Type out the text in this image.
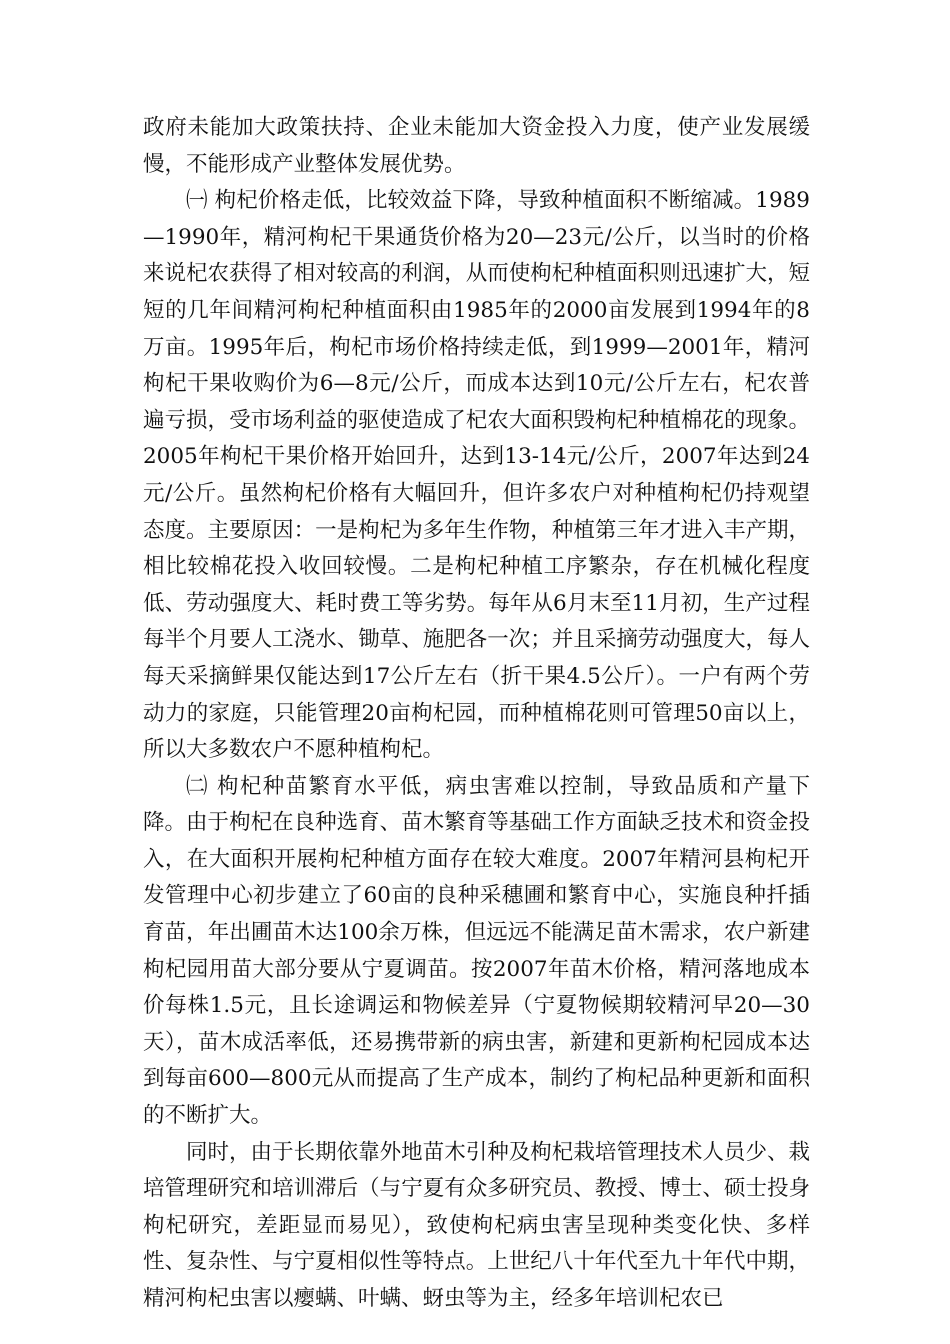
政府未能加大政策扶持、企业未能加大资金投入力度，使产业发展缓慢，不能形成产业整体发展优势。

㈠ 枸杞价格走低，比较效益下降，导致种植面积不断缩减。1989—1990年，精河枸杞干果通货价格为20—23元/公斤，以当时的价格来说杞农获得了相对较高的利润，从而使枸杞种植面积则迅速扩大，短短的几年间精河枸杞种植面积由1985年的2000亩发展到1994年的8万亩。1995年后，枸杞市场价格持续走低，到1999—2001年，精河枸杞干果收购价为6—8元/公斤，而成本达到10元/公斤左右，杞农普遍亏损，受市场利益的驱使造成了杞农大面积毁枸杞种植棉花的现象。2005年枸杞干果价格开始回升，达到13-14元/公斤，2007年达到24元/公斤。虽然枸杞价格有大幅回升，但许多农户对种植枸杞仍持观望态度。主要原因：一是枸杞为多年生作物，种植第三年才进入丰产期，相比较棉花投入收回较慢。二是枸杞种植工序繁杂，存在机械化程度低、劳动强度大、耗时费工等劣势。每年从6月末至11月初，生产过程每半个月要人工浇水、锄草、施肥各一次；并且采摘劳动强度大，每人每天采摘鲜果仅能达到17公斤左右（折干果4.5公斤）。一户有两个劳动力的家庭，只能管理20亩枸杞园，而种植棉花则可管理50亩以上，所以大多数农户不愿种植枸杞。

㈡ 枸杞种苗繁育水平低，病虫害难以控制，导致品质和产量下降。由于枸杞在良种选育、苗木繁育等基础工作方面缺乏技术和资金投入，在大面积开展枸杞种植方面存在较大难度。2007年精河县枸杞开发管理中心初步建立了60亩的良种采穗圃和繁育中心，实施良种扦插育苗，年出圃苗木达100余万株，但远远不能满足苗木需求，农户新建枸杞园用苗大部分要从宁夏调苗。按2007年苗木价格，精河落地成本价每株1.5元，且长途调运和物候差异（宁夏物候期较精河早20—30天），苗木成活率低，还易携带新的病虫害，新建和更新枸杞园成本达到每亩600—800元从而提高了生产成本，制约了枸杞品种更新和面积的不断扩大。

同时，由于长期依靠外地苗木引种及枸杞栽培管理技术人员少、栽培管理研究和培训滞后（与宁夏有众多研究员、教授、博士、硕士投身枸杞研究，差距显而易见），致使枸杞病虫害呈现种类变化快、多样性、复杂性、与宁夏相似性等特点。上世纪八十年代至九十年代中期，精河枸杞虫害以瘿螨、叶螨、蚜虫等为主，经多年培训杞农已
